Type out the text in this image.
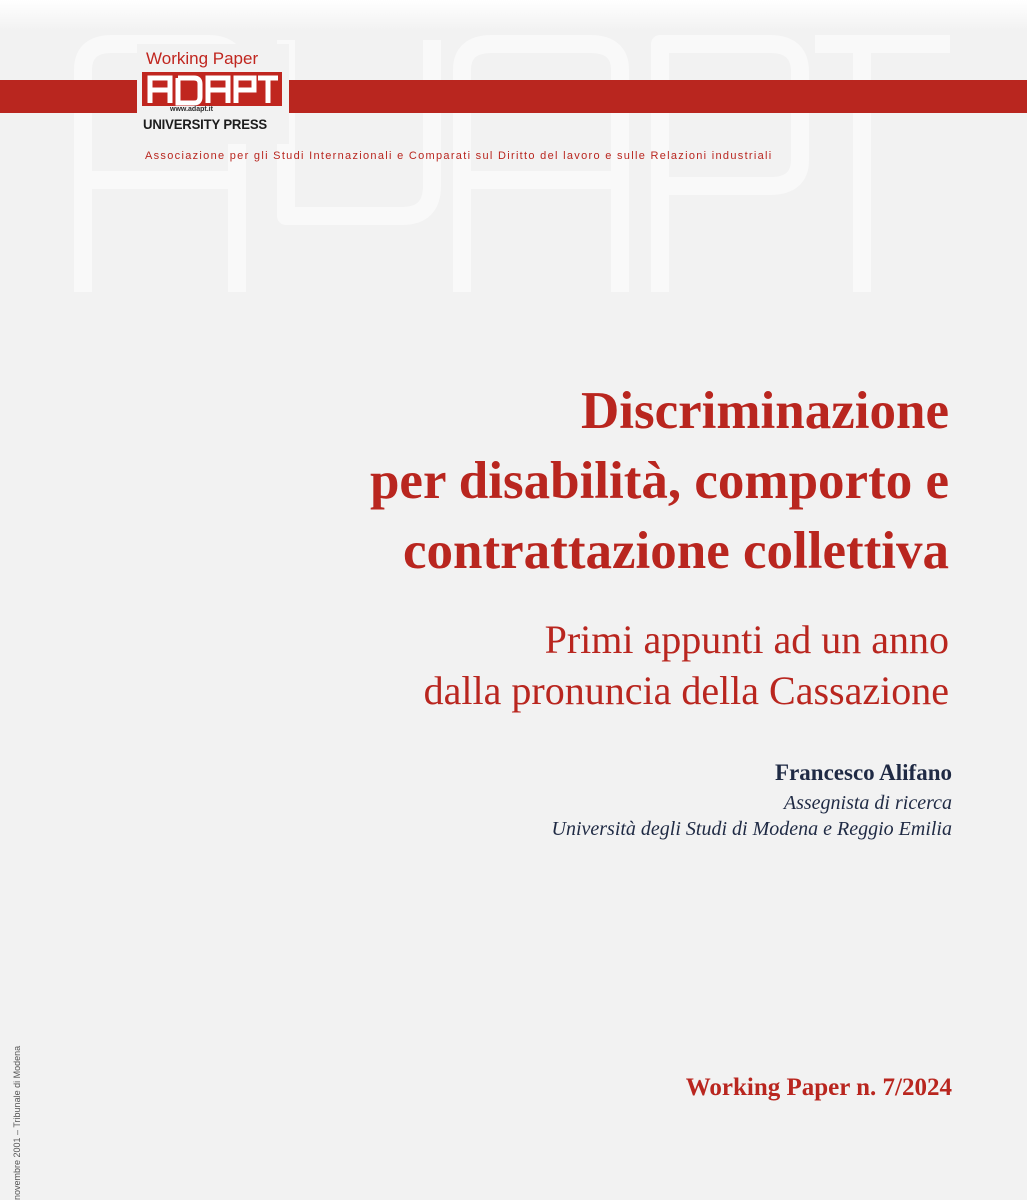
Working Paper
www.adapt.it
UNIVERSITY PRESS
Associazione per gli Studi Internazionali e Comparati sul Diritto del lavoro e sulle Relazioni industriali
Discriminazione
per disabilità, comporto e
contrattazione collettiva
Primi appunti ad un anno
dalla pronuncia della Cassazione
Francesco Alifano
Assegnista di ricerca
Università degli Studi di Modena e Reggio Emilia
Working Paper n. 7/2024
novembre 2001 – Tribunale di Modena
